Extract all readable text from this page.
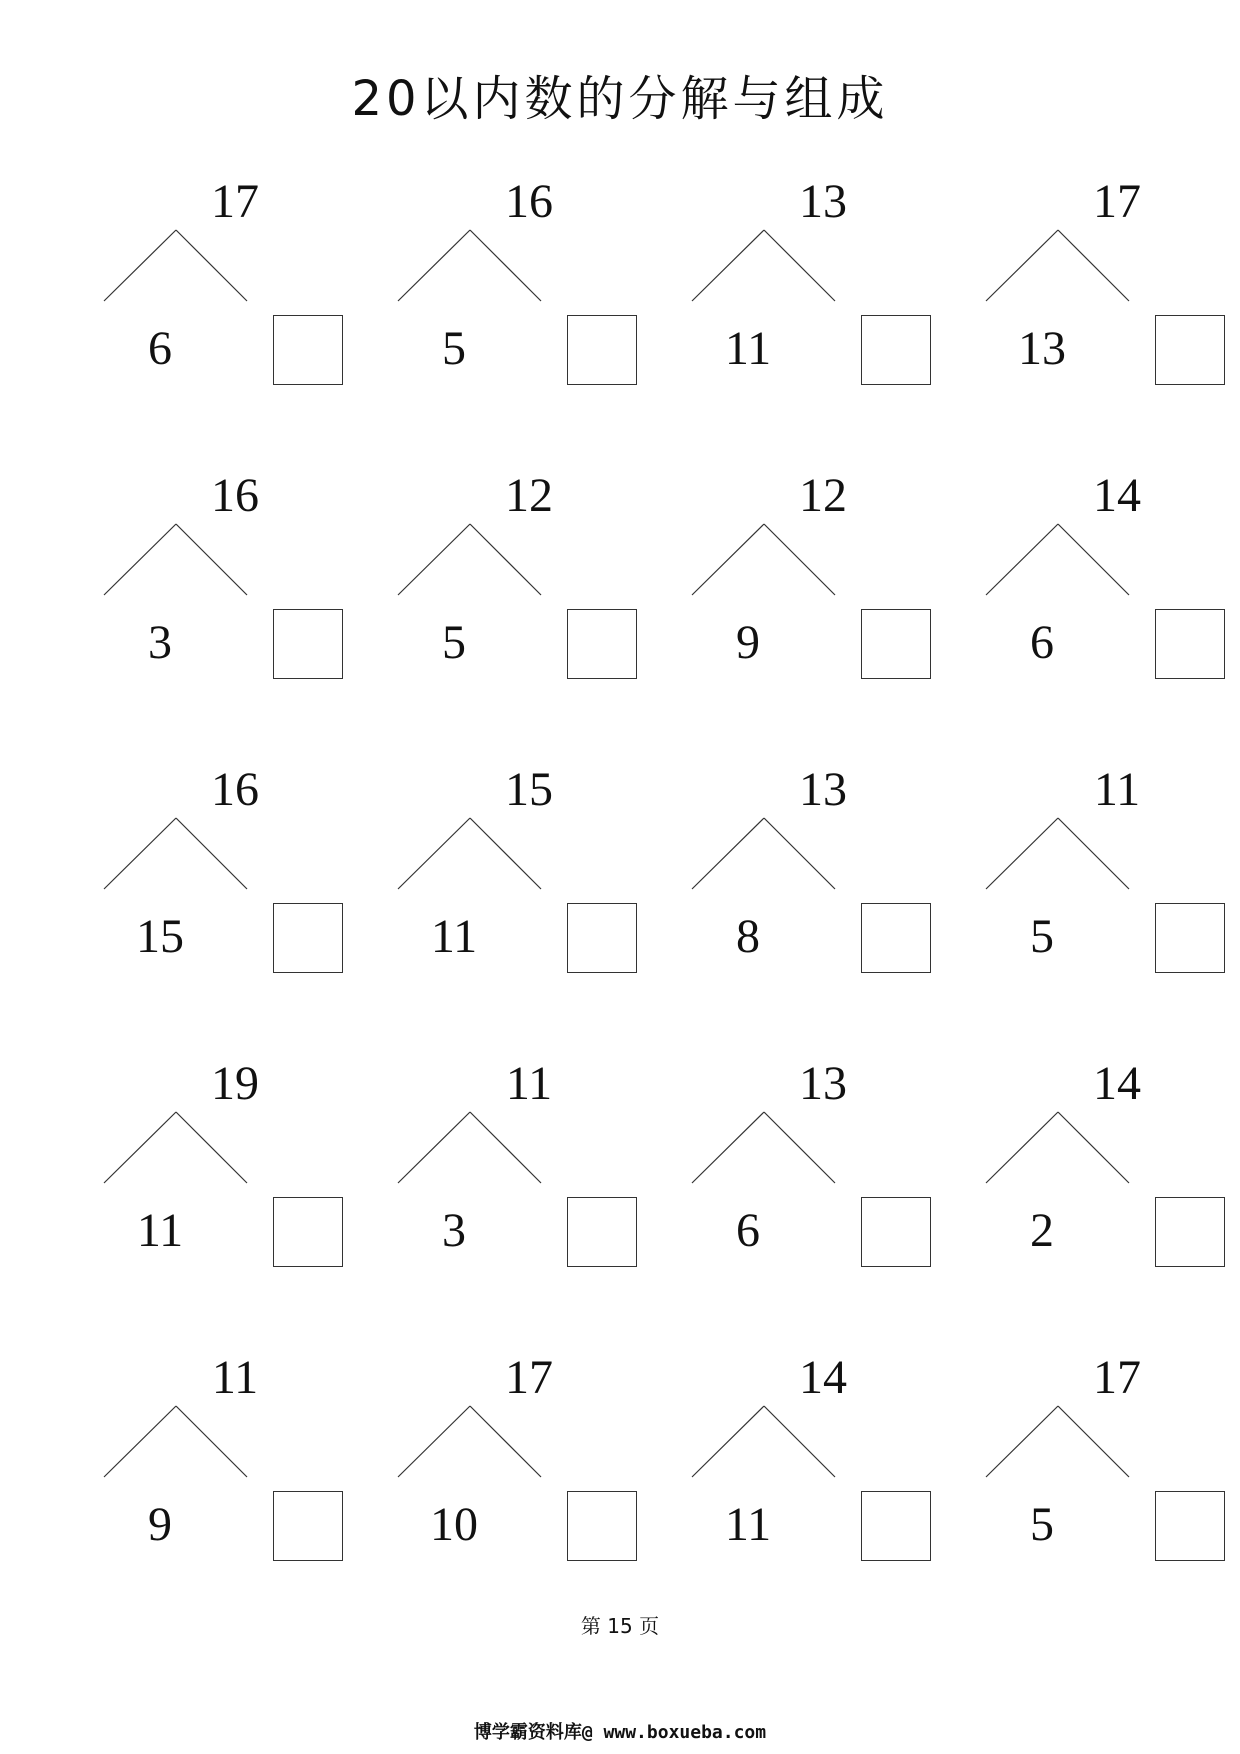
20以内数的分解与组成
17
6
16
5
13
11
17
13
16
3
12
5
12
9
14
6
16
15
15
11
13
8
11
5
19
11
11
3
13
6
14
2
11
9
17
10
14
11
17
5
第 15 页
博学霸资料库@ www.boxueba.com
